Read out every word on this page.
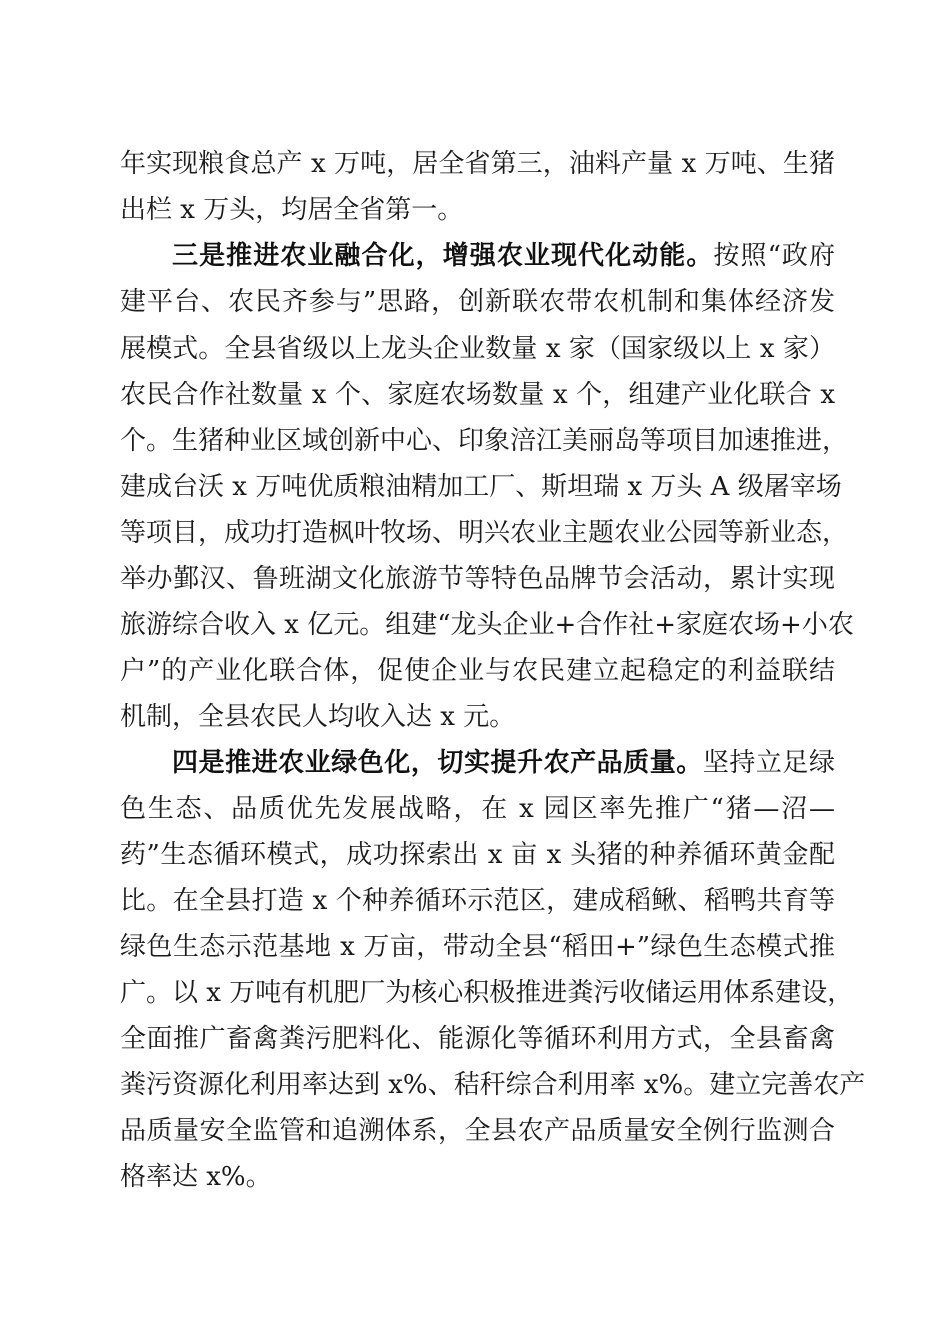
年实现粮食总产 x 万吨，居全省第三，油料产量 x 万吨、生猪
出栏 x 万头，均居全省第一。
三是推进农业融合化，增强农业现代化动能。按照“政府
建平台、农民齐参与”思路，创新联农带农机制和集体经济发
展模式。全县省级以上龙头企业数量 x 家（国家级以上 x 家）
农民合作社数量 x 个、家庭农场数量 x 个，组建产业化联合 x
个。生猪种业区域创新中心、印象涪江美丽岛等项目加速推进，
建成台沃 x 万吨优质粮油精加工厂、斯坦瑞 x 万头 A 级屠宰场
等项目，成功打造枫叶牧场、明兴农业主题农业公园等新业态，
举办鄞汉、鲁班湖文化旅游节等特色品牌节会活动，累计实现
旅游综合收入 x 亿元。组建“龙头企业+合作社+家庭农场+小农
户”的产业化联合体，促使企业与农民建立起稳定的利益联结
机制，全县农民人均收入达 x 元。
四是推进农业绿色化，切实提升农产品质量。坚持立足绿
色生态、品质优先发展战略，在 x 园区率先推广“猪—沼—
药”生态循环模式，成功探索出 x 亩 x 头猪的种养循环黄金配
比。在全县打造 x 个种养循环示范区，建成稻鳅、稻鸭共育等
绿色生态示范基地 x 万亩，带动全县“稻田+”绿色生态模式推
广。以 x 万吨有机肥厂为核心积极推进粪污收储运用体系建设，
全面推广畜禽粪污肥料化、能源化等循环利用方式，全县畜禽
粪污资源化利用率达到 x%、秸秆综合利用率 x%。建立完善农产
品质量安全监管和追溯体系，全县农产品质量安全例行监测合
格率达 x%。
